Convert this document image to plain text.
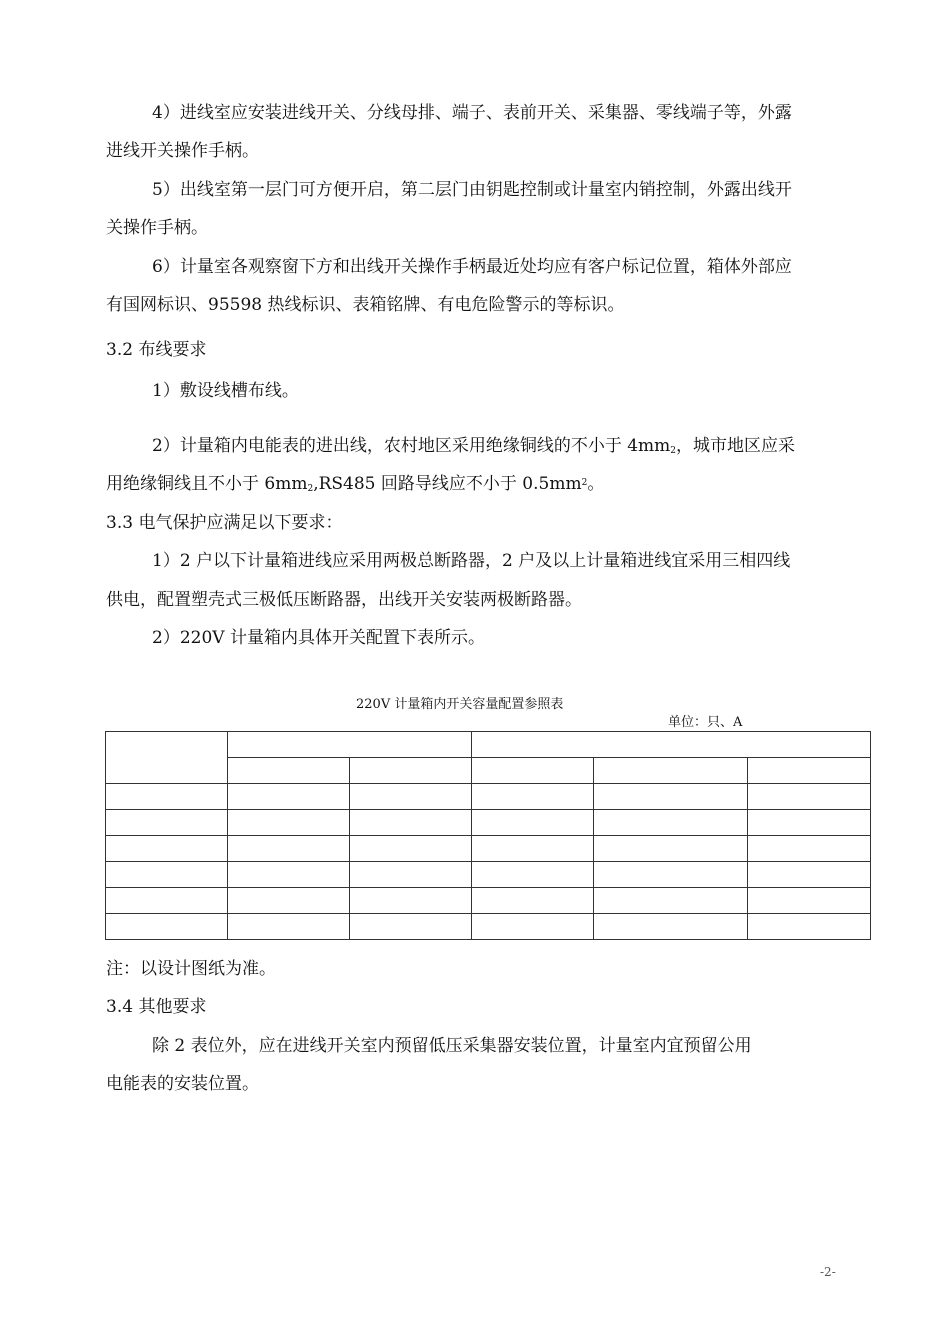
4）进线室应安装进线开关、分线母排、端子、表前开关、采集器、零线端子等，外露
进线开关操作手柄。
5）出线室第一层门可方便开启，第二层门由钥匙控制或计量室内销控制，外露出线开
关操作手柄。
6）计量室各观察窗下方和出线开关操作手柄最近处均应有客户标记位置，箱体外部应
有国网标识、95598 热线标识、表箱铭牌、有电危险警示的等标识。
3.2 布线要求
1）敷设线槽布线。
2）计量箱内电能表的进出线，农村地区采用绝缘铜线的不小于 4mm2，城市地区应采
用绝缘铜线且不小于 6mm2,RS485 回路导线应不小于 $0.5mm^2$。
3.3 电气保护应满足以下要求：
1）2 户以下计量箱进线应采用两极总断路器，2 户及以上计量箱进线宜采用三相四线
供电，配置塑壳式三极低压断路器，出线开关安装两极断路器。
2）220V 计量箱内具体开关配置下表所示。
220V 计量箱内开关容量配置参照表
单位：只、A

注：以设计图纸为准。
3.4 其他要求
除 2 表位外，应在进线开关室内预留低压采集器安装位置，计量室内宜预留公用
电能表的安装位置。
-2-
